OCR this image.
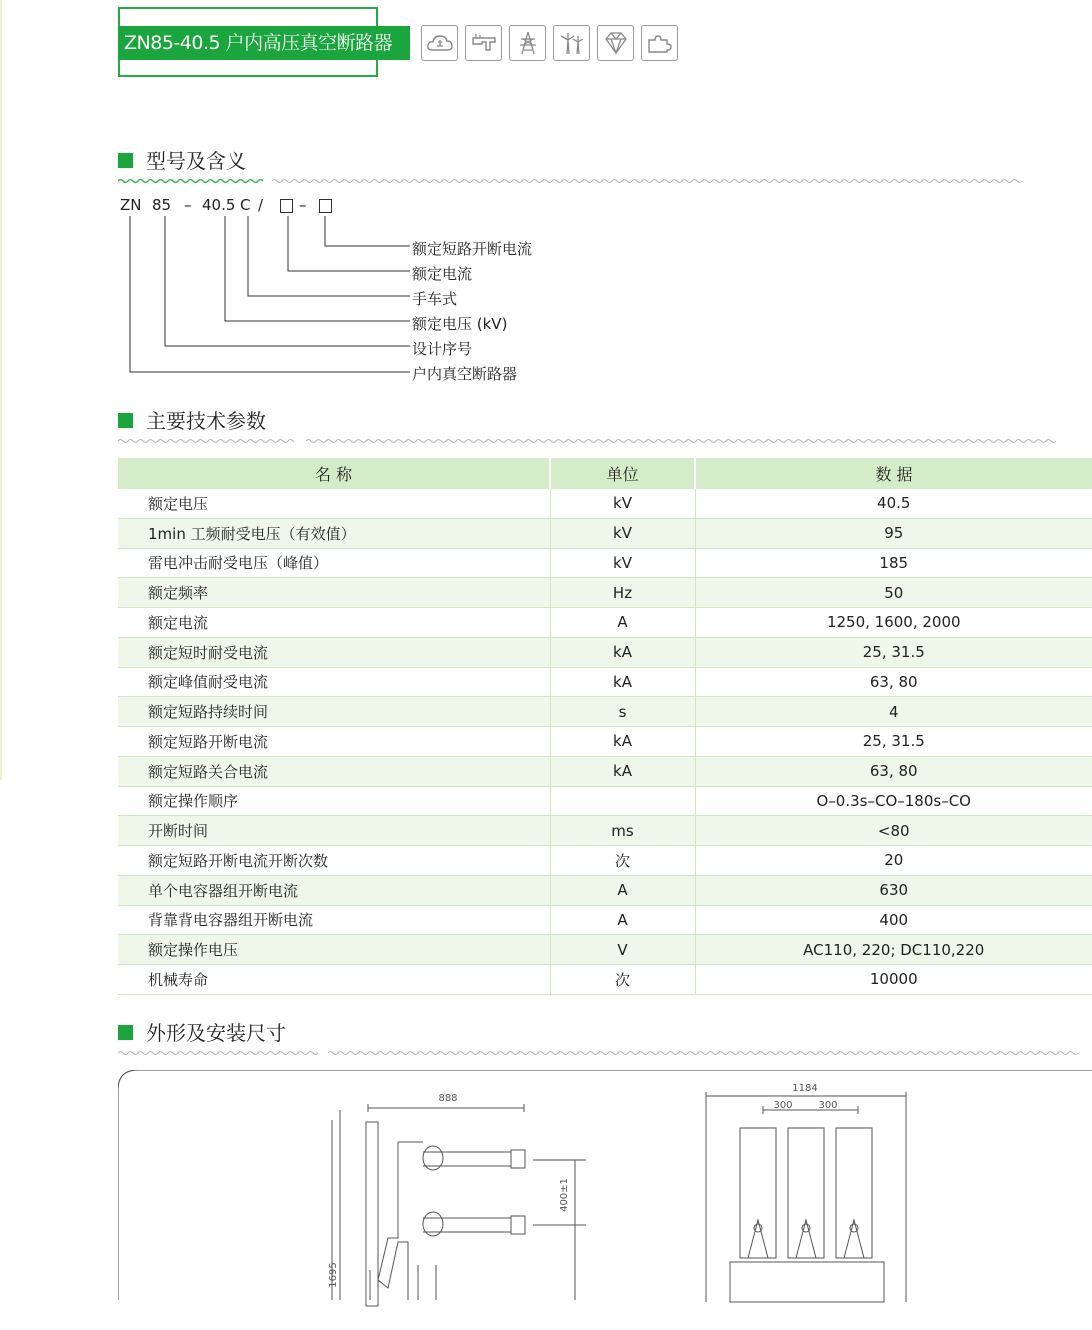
ZN85-40.5 户内高压真空断路器
型号及含义
ZN 85 – 40.5 C / –
额定短路开断电流
额定电流
手车式
额定电压 (kV)
设计序号
户内真空断路器
主要技术参数
名 称	单位	数 据
额定电压	kV	40.5
1min 工频耐受电压（有效值）	kV	95
雷电冲击耐受电压（峰值）	kV	185
额定频率	Hz	50
额定电流	A	1250, 1600, 2000
额定短时耐受电流	kA	25, 31.5
额定峰值耐受电流	kA	63, 80
额定短路持续时间	s	4
额定短路开断电流	kA	25, 31.5
额定短路关合电流	kA	63, 80
额定操作顺序		O–0.3s–CO–180s–CO
开断时间	ms	<80
额定短路开断电流开断次数	次	20
单个电容器组开断电流	A	630
背靠背电容器组开断电流	A	400
额定操作电压	V	AC110, 220; DC110,220
机械寿命	次	10000
外形及安装尺寸
888
400±1
1695
1184
300	300
